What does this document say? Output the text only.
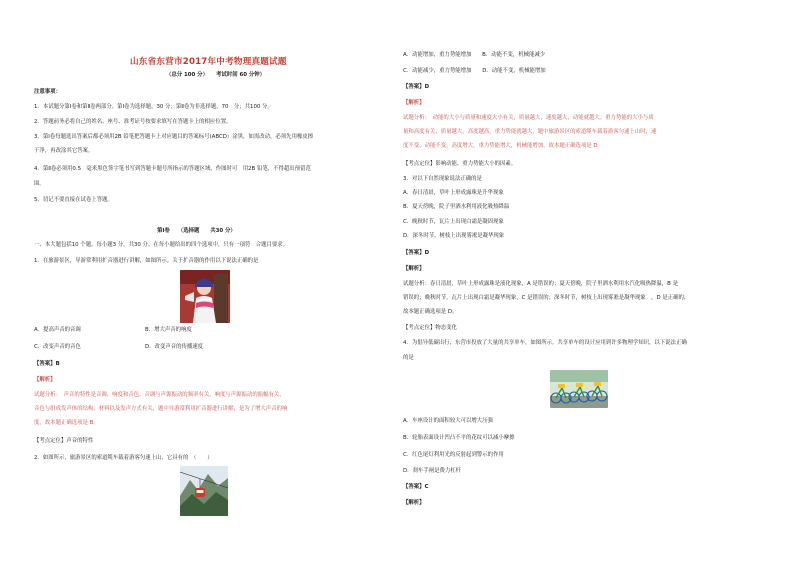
山东省东营市2017年中考物理真题试题

（总分 100 分）　　考试时间 60 分钟）

注意事项：

1．本试题分第Ⅰ卷和第Ⅱ卷两部分。第Ⅰ卷为选择题，30 分；第Ⅱ卷为非选择题，70　分；共100 分。

2．答题前务必将自己的姓名、座号、准考证号按要求填写在答题卡上的相应位置。

3．第Ⅰ卷每题选出答案后都必须用2B 铅笔把答题卡上对应题目的答案标号(ABCD）涂黑，如需改动，必须先用橡皮擦

干净，再改涂其它答案。

4．第Ⅱ卷必须用0.5　毫米黑色签字笔书写到答题卡题号所指示的答题区域，作图时可　用2B 铅笔，不得超出预留范

围。

5．切记不要直接在试卷上答题。

第Ⅰ卷　　（选择题　　共30 分）

一、本大题包括10 个题，每小题3 分，共30 分。在每小题给出的四个选项中，只有一项符　合题目要求。

1．在旅游景区，导游常利用扩音器进行讲解，如图所示。关于扩音器的作用以下说法正确的是

A．提高声音的音调	B．增大声音的响度

C．改变声音的音色	D．改变声音的传播速度

【答案】B

【解析】

试题分析：　声音的特性是音调、响度和音色，音调与声源振动的频率有关，响度与声源振动的振幅有关，

音色与组成发声体的结构、材料以及发声方式有关，题中导游常利用扩音器进行讲解，是为了增大声音的响

度，故本题正确选项是 B。

【考点定位】声音的特性

2．如图所示，旅游景区的索道缆车载着游客匀速上山，它具有的　（　　）

A．动能增加，重力势能增加　　B．动能不变，机械能减少

C．动能减少，重力势能增加　　D．动能不变，机械能增加

【答案】D

【解析】

试题分析：　动能的大小与质量和速度大小有关，质量越大，速度越大，动能就越大；重力势能的大小与质

量和高度有关，质量越大，高度越高，重力势能就越大，题中旅游景区的索道缆车载着游客匀速上山时，速

度不变，动能不变，高度增大，重力势能增大，机械能增加，故本题正确选项是 D。

【考点定位】影响动能、重力势能大小的因素。

3．对以下自然现象说法正确的是

A．春日清晨，草叶上形成露珠是升华现象

B．夏天傍晚，院子里洒水利用液化吸热降温

C．晚秋时节，瓦片上出现白霜是凝固现象

D．深冬时节，树枝上出现雾凇是凝华现象

【答案】D

【解析】

试题分析：春日清晨，草叶上形成露珠是液化现象，A 是错误的；夏天傍晚，院子里洒水利用水汽化吸热降温，B 是

错误的；晚秋时节，瓦片上出现白霜是凝华现象，C 是错误的；深冬时节，树枝上出现雾凇是凝华现象　，D 是正确的，

故本题正确选项是 D。

【考点定位】物态变化

4．为倡导低碳出行，东营市投放了大量的共享单车，如图所示。共享单车的设计应用到许多物理学知识，以下说法正确

的是

A．车座设计的面积较大可以增大压强

B．轮胎表面设计凹凸不平的花纹可以减小摩擦

C．红色尾灯利用光的反射起到警示的作用

D．刹车手闸是费力杠杆

【答案】C

【解析】
